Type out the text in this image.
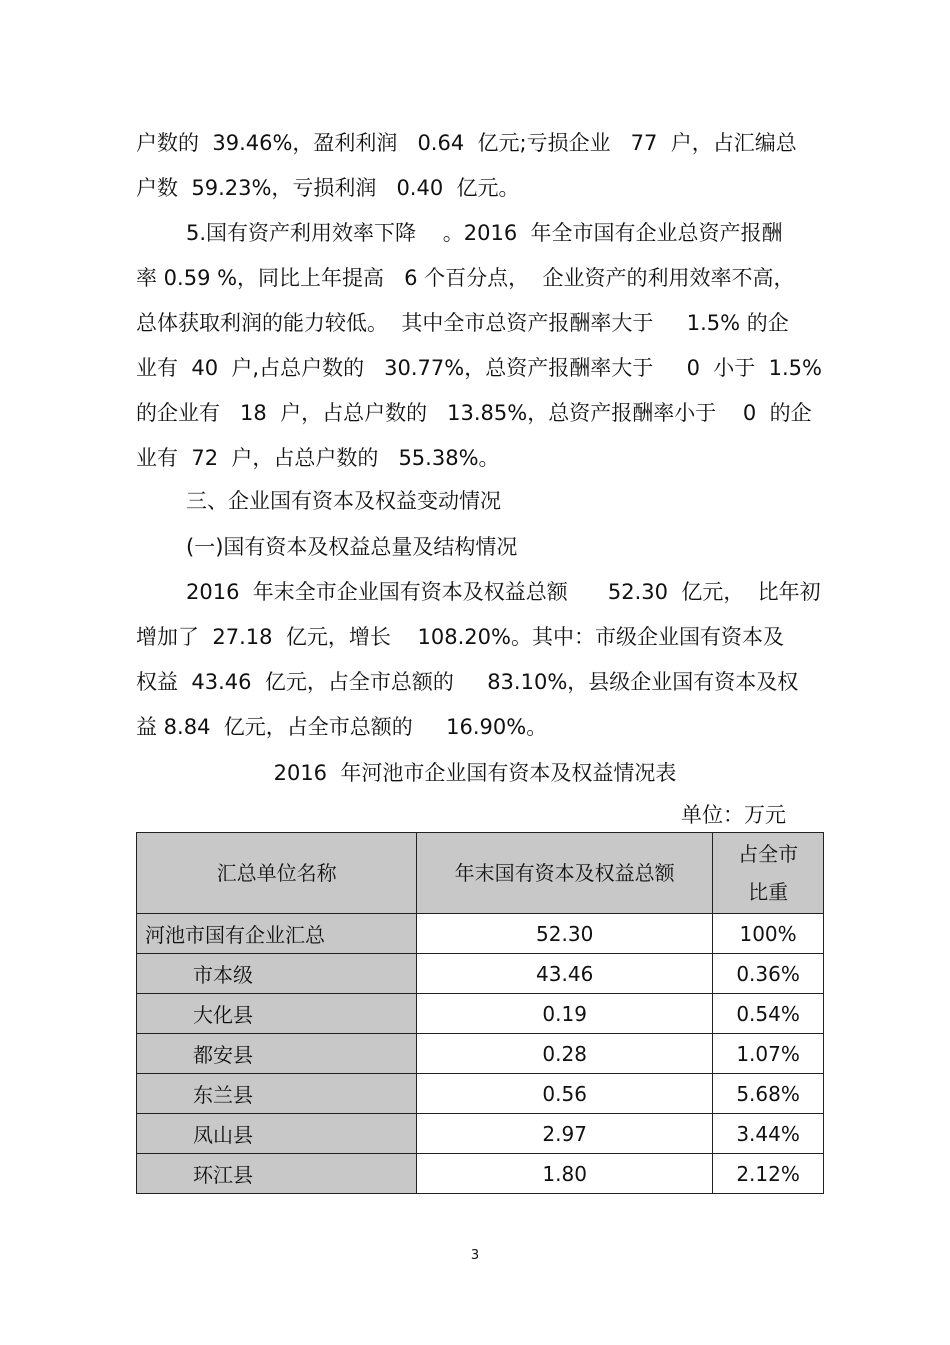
户数的  39.46%，盈利利润   0.64  亿元;亏损企业   77  户，占汇编总
户数  59.23%，亏损利润   0.40  亿元。
5.国有资产利用效率下降    。2016  年全市国有企业总资产报酬
率 0.59 %，同比上年提高   6 个百分点，  企业资产的利用效率不高，
总体获取利润的能力较低。  其中全市总资产报酬率大于     1.5% 的企
业有  40  户,占总户数的   30.77%，总资产报酬率大于     0  小于  1.5%
的企业有   18  户，占总户数的   13.85%，总资产报酬率小于    0  的企
业有  72  户，占总户数的   55.38%。
三、企业国有资本及权益变动情况
(一)国有资本及权益总量及结构情况
2016  年末全市企业国有资本及权益总额      52.30  亿元，  比年初
增加了  27.18  亿元，增长    108.20%。其中：市级企业国有资本及
权益  43.46  亿元，占全市总额的     83.10%，县级企业国有资本及权
益 8.84  亿元，占全市总额的     16.90%。
2016  年河池市企业国有资本及权益情况表
单位：万元
汇总单位名称	年末国有资本及权益总额	占全市
比重
河池市国有企业汇总	52.30	100%
市本级	43.46	0.36%
大化县	0.19	0.54%
都安县	0.28	1.07%
东兰县	0.56	5.68%
凤山县	2.97	3.44%
环江县	1.80	2.12%
3
